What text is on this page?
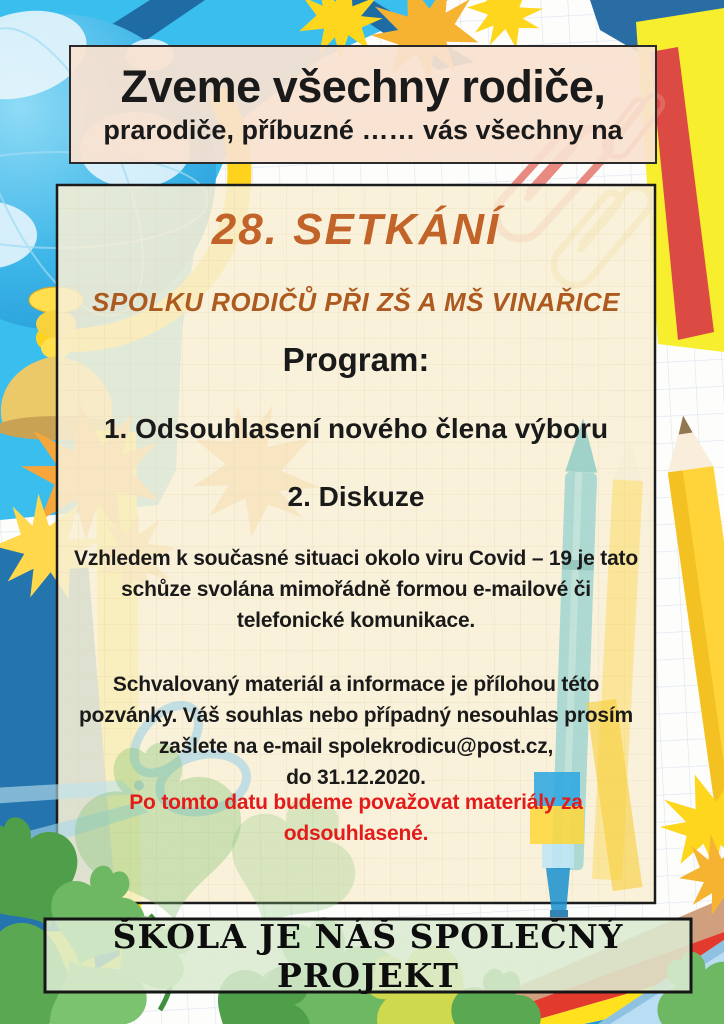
Zveme všechny rodiče,
prarodiče, příbuzné …… vás všechny na
28. SETKÁNÍ
SPOLKU RODIČŮ PŘI ZŠ A MŠ VINAŘICE
Program:
1. Odsouhlasení nového člena výboru
2. Diskuze
Vzhledem k současné situaci okolo viru Covid – 19 je tato
schůze svolána mimořádně formou e-mailové či
telefonické komunikace.
Schvalovaný materiál a informace je přílohou této
pozvánky. Váš souhlas nebo případný nesouhlas prosím
zašlete na e-mail spolekrodicu@post.cz,
do 31.12.2020.
Po tomto datu budeme považovat materiály za odsouhlasené.
ŠKOLA JE NÁŠ SPOLEČNÝ PROJEKT
